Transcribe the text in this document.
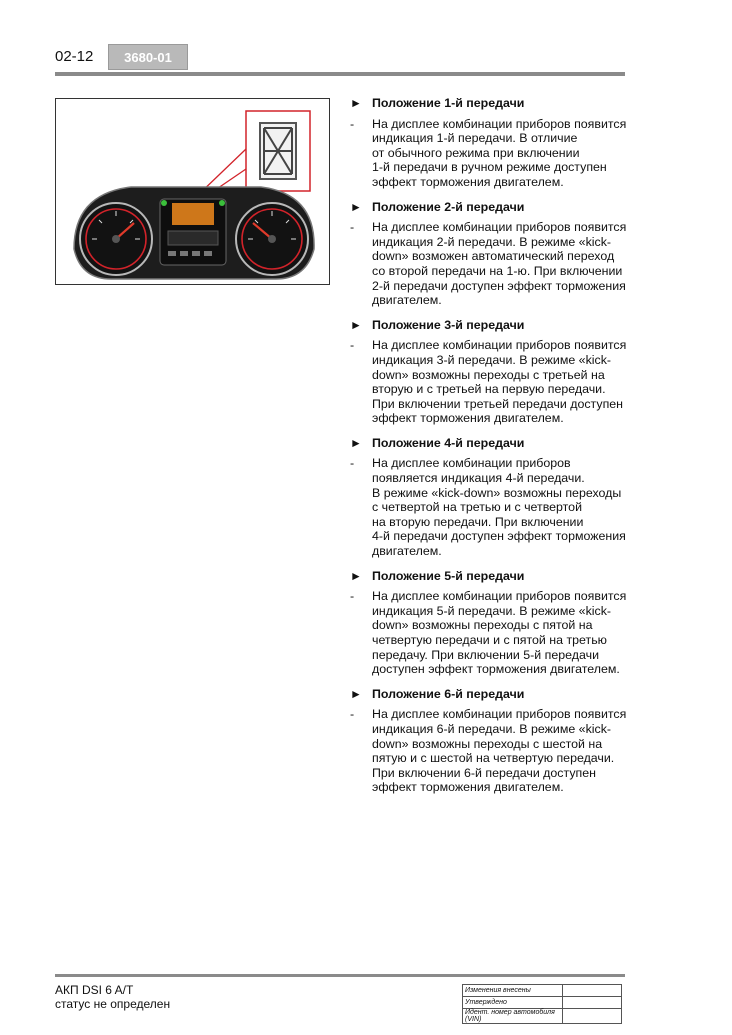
02-12	3680-01
► Положение 1-й передачи
-	На дисплее комбинации приборов появится
индикация 1-й передачи. В отличие
от обычного режима при включении
1-й передачи в ручном режиме доступен
эффект торможения двигателем.
► Положение 2-й передачи
-	На дисплее комбинации приборов появится
индикация 2-й передачи. В режиме «kick-
down» возможен автоматический переход
со второй передачи на 1-ю. При включении
2-й передачи доступен эффект торможения
двигателем.
► Положение 3-й передачи
-	На дисплее комбинации приборов появится
индикация 3-й передачи. В режиме «kick-
down» возможны переходы с третьей на
вторую и с третьей на первую передачи.
При включении третьей передачи доступен
эффект торможения двигателем.
► Положение 4-й передачи
-	На дисплее комбинации приборов
появляется индикация 4-й передачи.
В режиме «kick-down» возможны переходы
с четвертой на третью и с четвертой
на вторую передачи. При включении
4-й передачи доступен эффект торможения
двигателем.
► Положение 5-й передачи
-	На дисплее комбинации приборов появится
индикация 5-й передачи. В режиме «kick-
down» возможны переходы с пятой на
четвертую передачи и с пятой на третью
передачу. При включении 5-й передачи
доступен эффект торможения двигателем.
► Положение 6-й передачи
-	На дисплее комбинации приборов появится
индикация 6-й передачи. В режиме «kick-
down» возможны переходы с шестой на
пятую и с шестой на четвертую передачи.
При включении 6-й передачи доступен
эффект торможения двигателем.
АКП DSI 6 A/T
статус не определен
Изменения внесены	
Утверждено	
Идент. номер автомобиля (VIN)	
